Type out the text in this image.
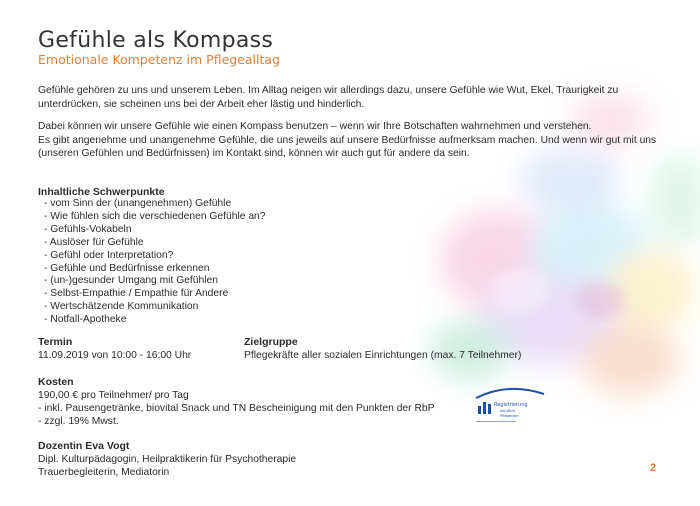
Gefühle als Kompass
Emotionale Kompetenz im Pflegealltag

Gefühle gehören zu uns und unserem Leben. Im Alltag neigen wir allerdings dazu, unsere Gefühle wie Wut, Ekel, Traurigkeit zu unterdrücken, sie scheinen uns bei der Arbeit eher lästig und hinderlich.

Dabei können wir unsere Gefühle wie einen Kompass benutzen – wenn wir Ihre Botschaften wahrnehmen und verstehen.
Es gibt angenehme und unangenehme Gefühle, die uns jeweils auf unsere Bedürfnisse aufmerksam machen. Und wenn wir gut mit uns (unseren Gefühlen und Bedürfnissen) im Kontakt sind, können wir auch gut für andere da sein.
Inhaltliche Schwerpunkte
- vom Sinn der (unangenehmen) Gefühle
- Wie fühlen sich die verschiedenen Gefühle an?
- Gefühls-Vokabeln
- Auslöser für Gefühle
- Gefühl oder Interpretation?
- Gefühle und Bedürfnisse erkennen
- (un-)gesunder Umgang mit Gefühlen
- Selbst-Empathie / Empathie für Andere
- Wertschätzende Kommunikation
- Notfall-Apotheke
Termin
11.09.2019 von 10:00 - 16:00 Uhr
Zielgruppe
Pflegekräfte aller sozialen Einrichtungen (max. 7 Teilnehmer)
Kosten
190,00 € pro Teilnehmer/ pro Tag
- inkl. Pausengetränke, biovital Snack und TN Bescheinigung mit den Punkten der RbP
- zzgl. 19% Mwst.
Registrierung
beruflich
Pflegender
Dozentin Eva Vogt
Dipl. Kulturpädagogin, Heilpraktikerin für Psychotherapie
Trauerbegleiterin, Mediatorin	2
